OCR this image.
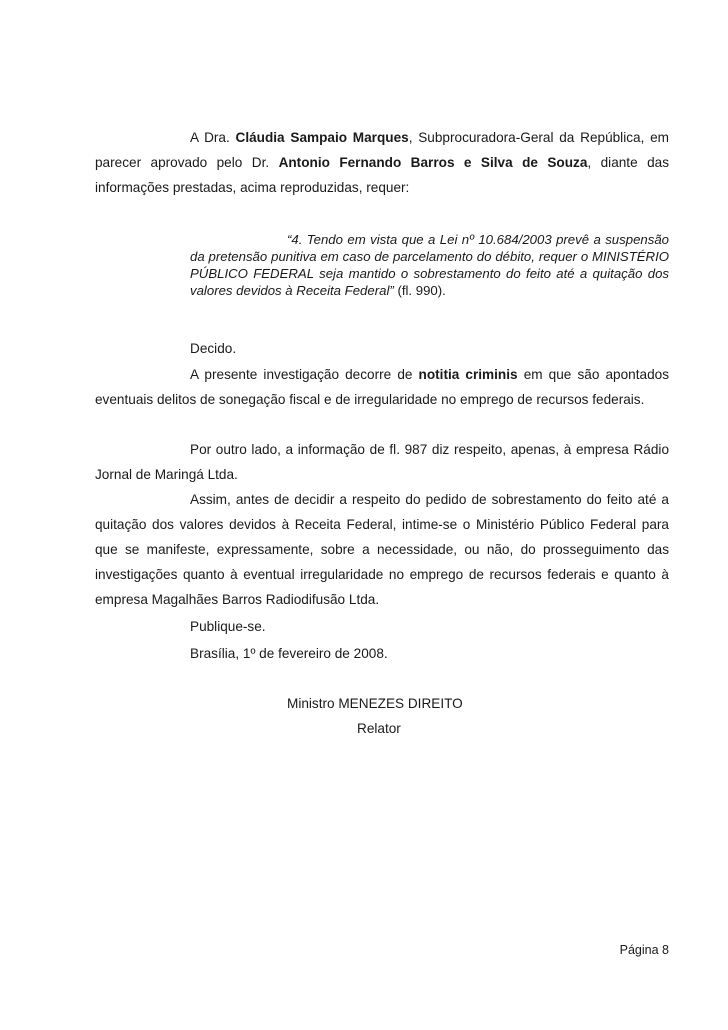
A Dra. Cláudia Sampaio Marques, Subprocuradora-Geral da República, em parecer aprovado pelo Dr. Antonio Fernando Barros e Silva de Souza, diante das informações prestadas, acima reproduzidas, requer:

“4. Tendo em vista que a Lei nº 10.684/2003 prevê a suspensão da pretensão punitiva em caso de parcelamento do débito, requer o MINISTÉRIO PÚBLICO FEDERAL seja mantido o sobrestamento do feito até a quitação dos valores devidos à Receita Federal” (fl. 990).

Decido.

A presente investigação decorre de notitia criminis em que são apontados eventuais delitos de sonegação fiscal e de irregularidade no emprego de recursos federais.

Por outro lado, a informação de fl. 987 diz respeito, apenas, à empresa Rádio Jornal de Maringá Ltda.

Assim, antes de decidir a respeito do pedido de sobrestamento do feito até a quitação dos valores devidos à Receita Federal, intime-se o Ministério Público Federal para que se manifeste, expressamente, sobre a necessidade, ou não, do prosseguimento das investigações quanto à eventual irregularidade no emprego de recursos federais e quanto à empresa Magalhães Barros Radiodifusão Ltda.

Publique-se.

Brasília, 1º de fevereiro de 2008.

Ministro MENEZES DIREITO

Relator

Página 8
